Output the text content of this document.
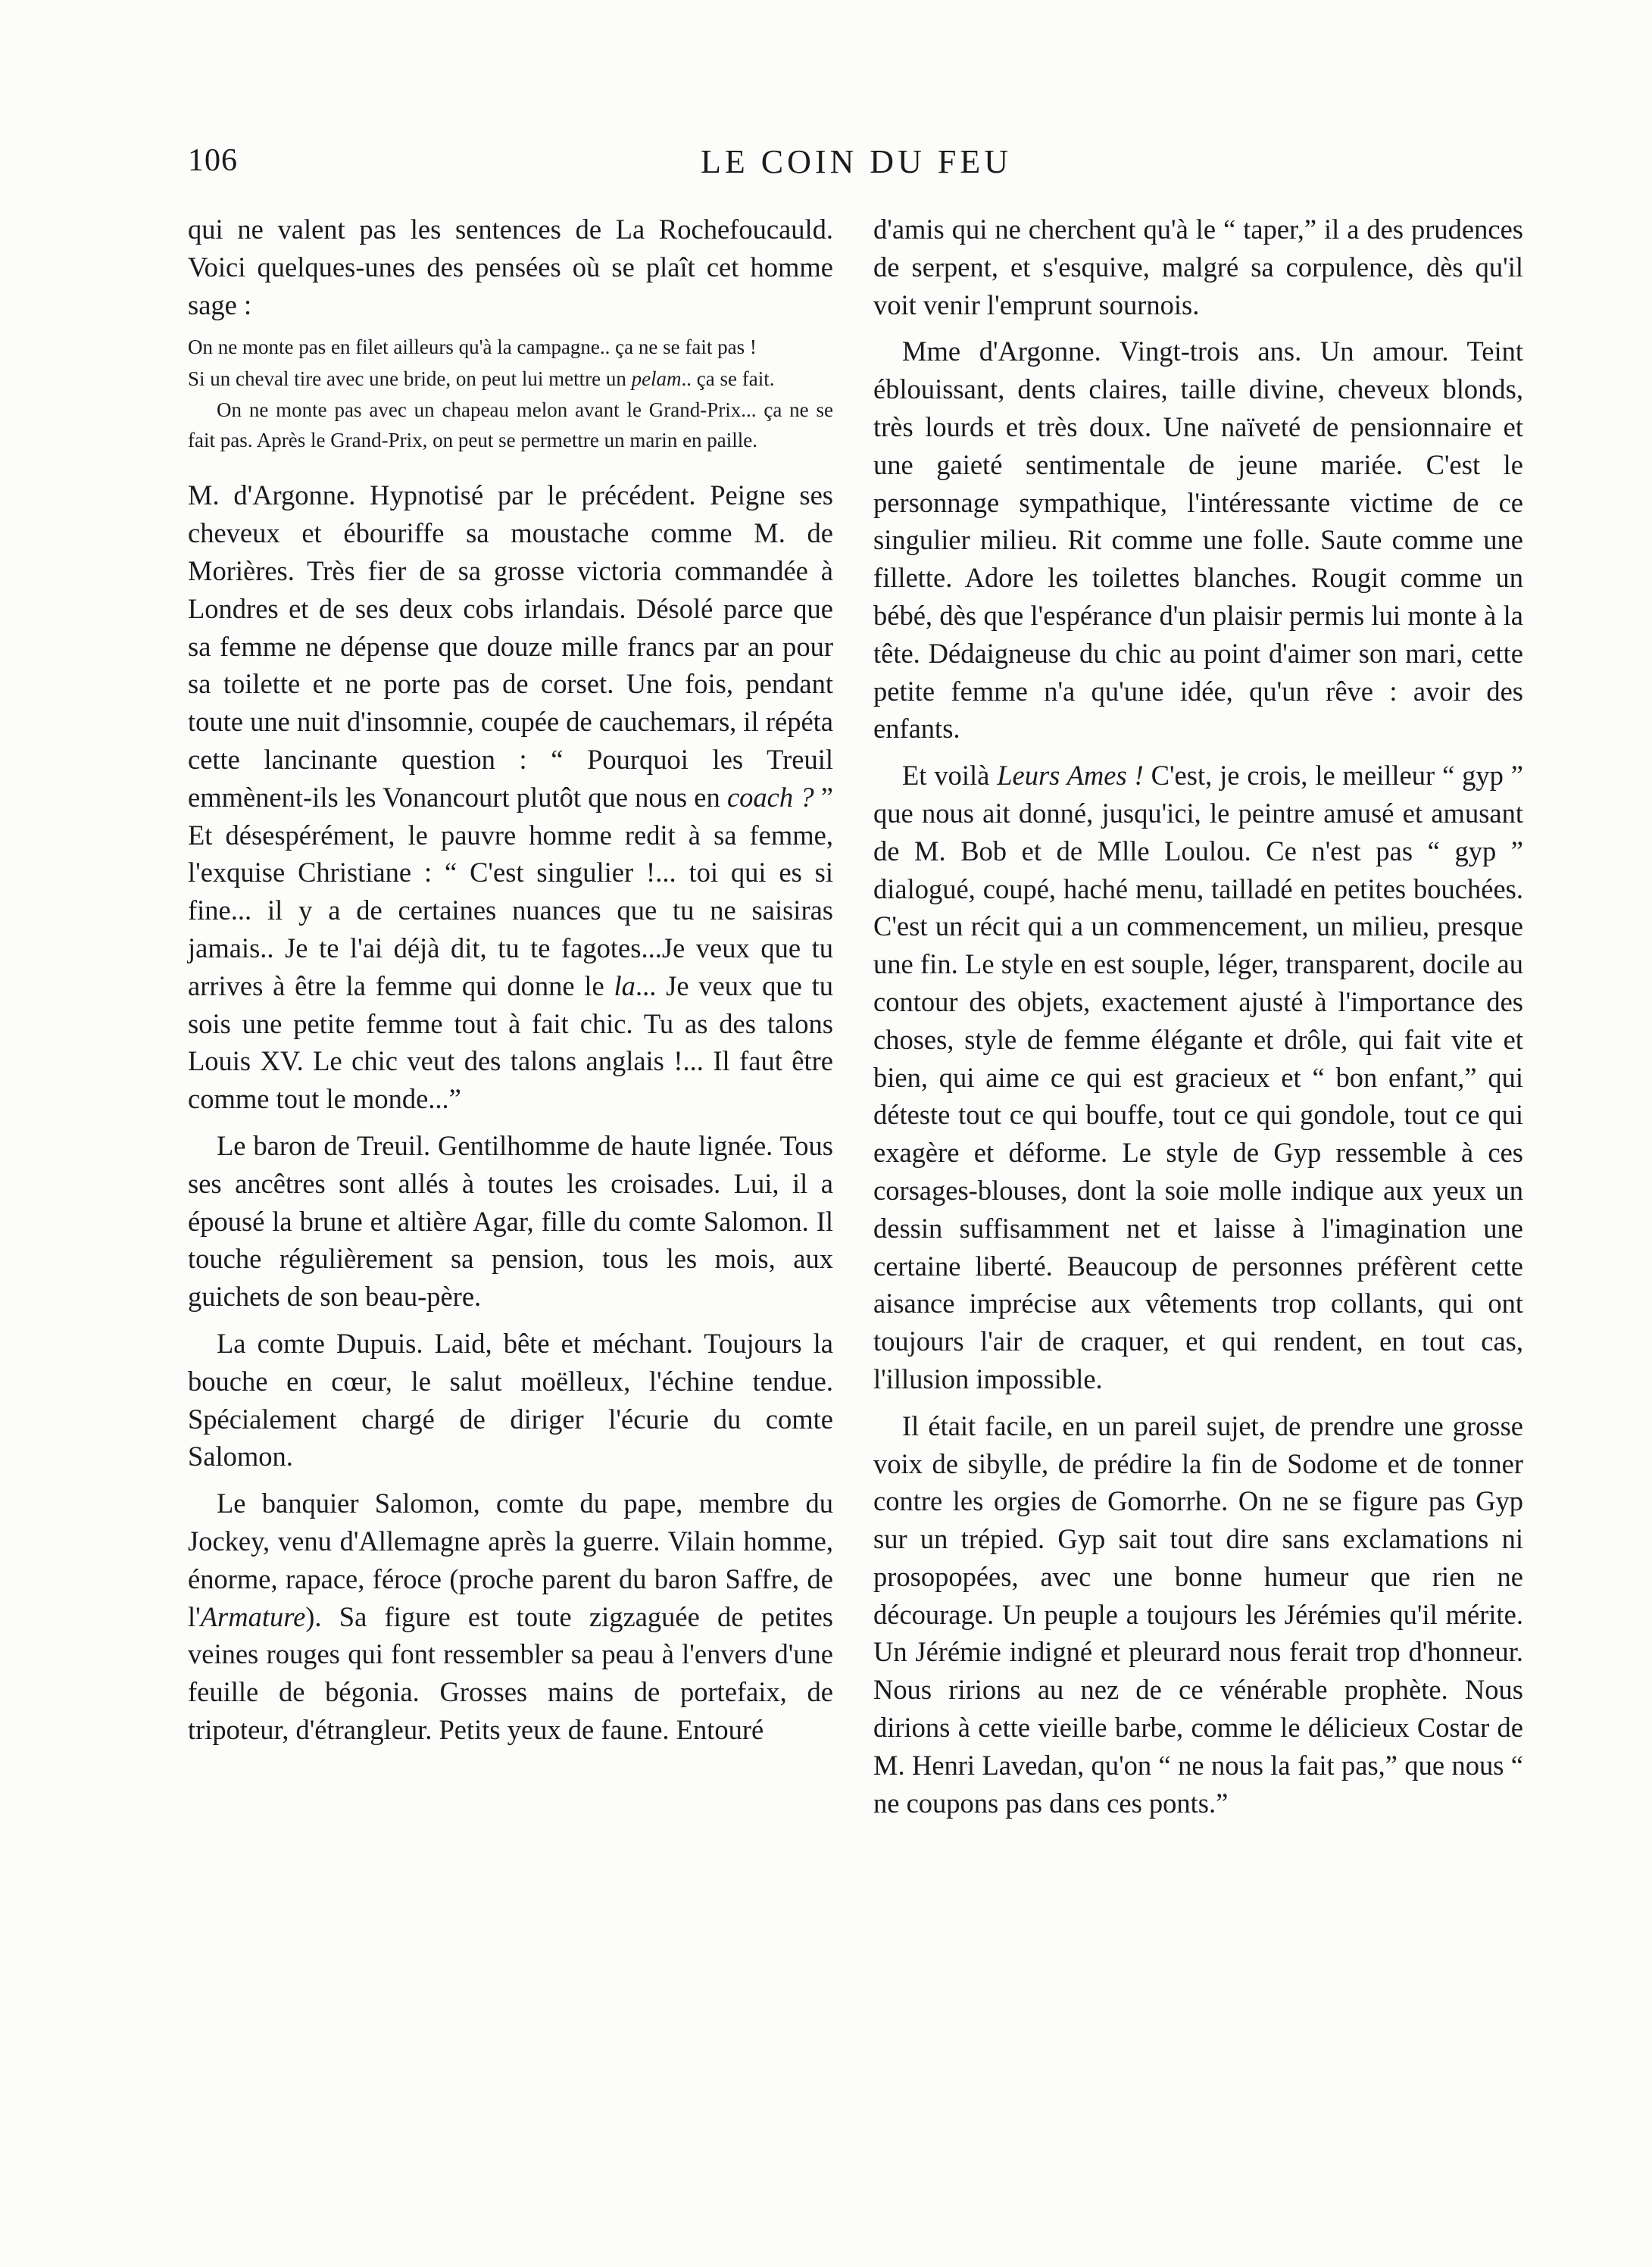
106	LE COIN DU FEU

qui ne valent pas les sentences de La Rochefoucauld. Voici quelques-unes des pensées où se plaît cet homme sage :

On ne monte pas en filet ailleurs qu'à la campagne.. ça ne se fait pas !

Si un cheval tire avec une bride, on peut lui mettre un pelam.. ça se fait.

On ne monte pas avec un chapeau melon avant le Grand-Prix... ça ne se fait pas. Après le Grand-Prix, on peut se permettre un marin en paille.

M. d'Argonne. Hypnotisé par le précédent. Peigne ses cheveux et ébouriffe sa moustache comme M. de Morières. Très fier de sa grosse victoria commandée à Londres et de ses deux cobs irlandais. Désolé parce que sa femme ne dépense que douze mille francs par an pour sa toilette et ne porte pas de corset. Une fois, pendant toute une nuit d'insomnie, coupée de cauchemars, il répéta cette lancinante question : “ Pourquoi les Treuil emmènent-ils les Vonancourt plutôt que nous en coach ? ” Et désespérément, le pauvre homme redit à sa femme, l'exquise Christiane : “ C'est singulier !... toi qui es si fine... il y a de certaines nuances que tu ne saisiras jamais.. Je te l'ai déjà dit, tu te fagotes...Je veux que tu arrives à être la femme qui donne le la... Je veux que tu sois une petite femme tout à fait chic. Tu as des talons Louis XV. Le chic veut des talons anglais !... Il faut être comme tout le monde...”

Le baron de Treuil. Gentilhomme de haute lignée. Tous ses ancêtres sont allés à toutes les croisades. Lui, il a épousé la brune et altière Agar, fille du comte Salomon. Il touche régulièrement sa pension, tous les mois, aux guichets de son beau-père.

La comte Dupuis. Laid, bête et méchant. Toujours la bouche en cœur, le salut moëlleux, l'échine tendue. Spécialement chargé de diriger l'écurie du comte Salomon.

Le banquier Salomon, comte du pape, membre du Jockey, venu d'Allemagne après la guerre. Vilain homme, énorme, rapace, féroce (proche parent du baron Saffre, de l'Armature). Sa figure est toute zigzaguée de petites veines rouges qui font ressembler sa peau à l'envers d'une feuille de bégonia. Grosses mains de portefaix, de tripoteur, d'étrangleur. Petits yeux de faune. Entouré

d'amis qui ne cherchent qu'à le “ taper,” il a des prudences de serpent, et s'esquive, malgré sa corpulence, dès qu'il voit venir l'emprunt sournois.

Mme d'Argonne. Vingt-trois ans. Un amour. Teint éblouissant, dents claires, taille divine, cheveux blonds, très lourds et très doux. Une naïveté de pensionnaire et une gaieté sentimentale de jeune mariée. C'est le personnage sympathique, l'intéressante victime de ce singulier milieu. Rit comme une folle. Saute comme une fillette. Adore les toilettes blanches. Rougit comme un bébé, dès que l'espérance d'un plaisir permis lui monte à la tête. Dédaigneuse du chic au point d'aimer son mari, cette petite femme n'a qu'une idée, qu'un rêve : avoir des enfants.

Et voilà Leurs Ames ! C'est, je crois, le meilleur “ gyp ” que nous ait donné, jusqu'ici, le peintre amusé et amusant de M. Bob et de Mlle Loulou. Ce n'est pas “ gyp ” dialogué, coupé, haché menu, tailladé en petites bouchées. C'est un récit qui a un commencement, un milieu, presque une fin. Le style en est souple, léger, transparent, docile au contour des objets, exactement ajusté à l'importance des choses, style de femme élégante et drôle, qui fait vite et bien, qui aime ce qui est gracieux et “ bon enfant,” qui déteste tout ce qui bouffe, tout ce qui gondole, tout ce qui exagère et déforme. Le style de Gyp ressemble à ces corsages-blouses, dont la soie molle indique aux yeux un dessin suffisamment net et laisse à l'imagination une certaine liberté. Beaucoup de personnes préfèrent cette aisance imprécise aux vêtements trop collants, qui ont toujours l'air de craquer, et qui rendent, en tout cas, l'illusion impossible.

Il était facile, en un pareil sujet, de prendre une grosse voix de sibylle, de prédire la fin de Sodome et de tonner contre les orgies de Gomorrhe. On ne se figure pas Gyp sur un trépied. Gyp sait tout dire sans exclamations ni prosopopées, avec une bonne humeur que rien ne décourage. Un peuple a toujours les Jérémies qu'il mérite. Un Jérémie indigné et pleurard nous ferait trop d'honneur. Nous ririons au nez de ce vénérable prophète. Nous dirions à cette vieille barbe, comme le délicieux Costar de M. Henri Lavedan, qu'on “ ne nous la fait pas,” que nous “ ne coupons pas dans ces ponts.”
